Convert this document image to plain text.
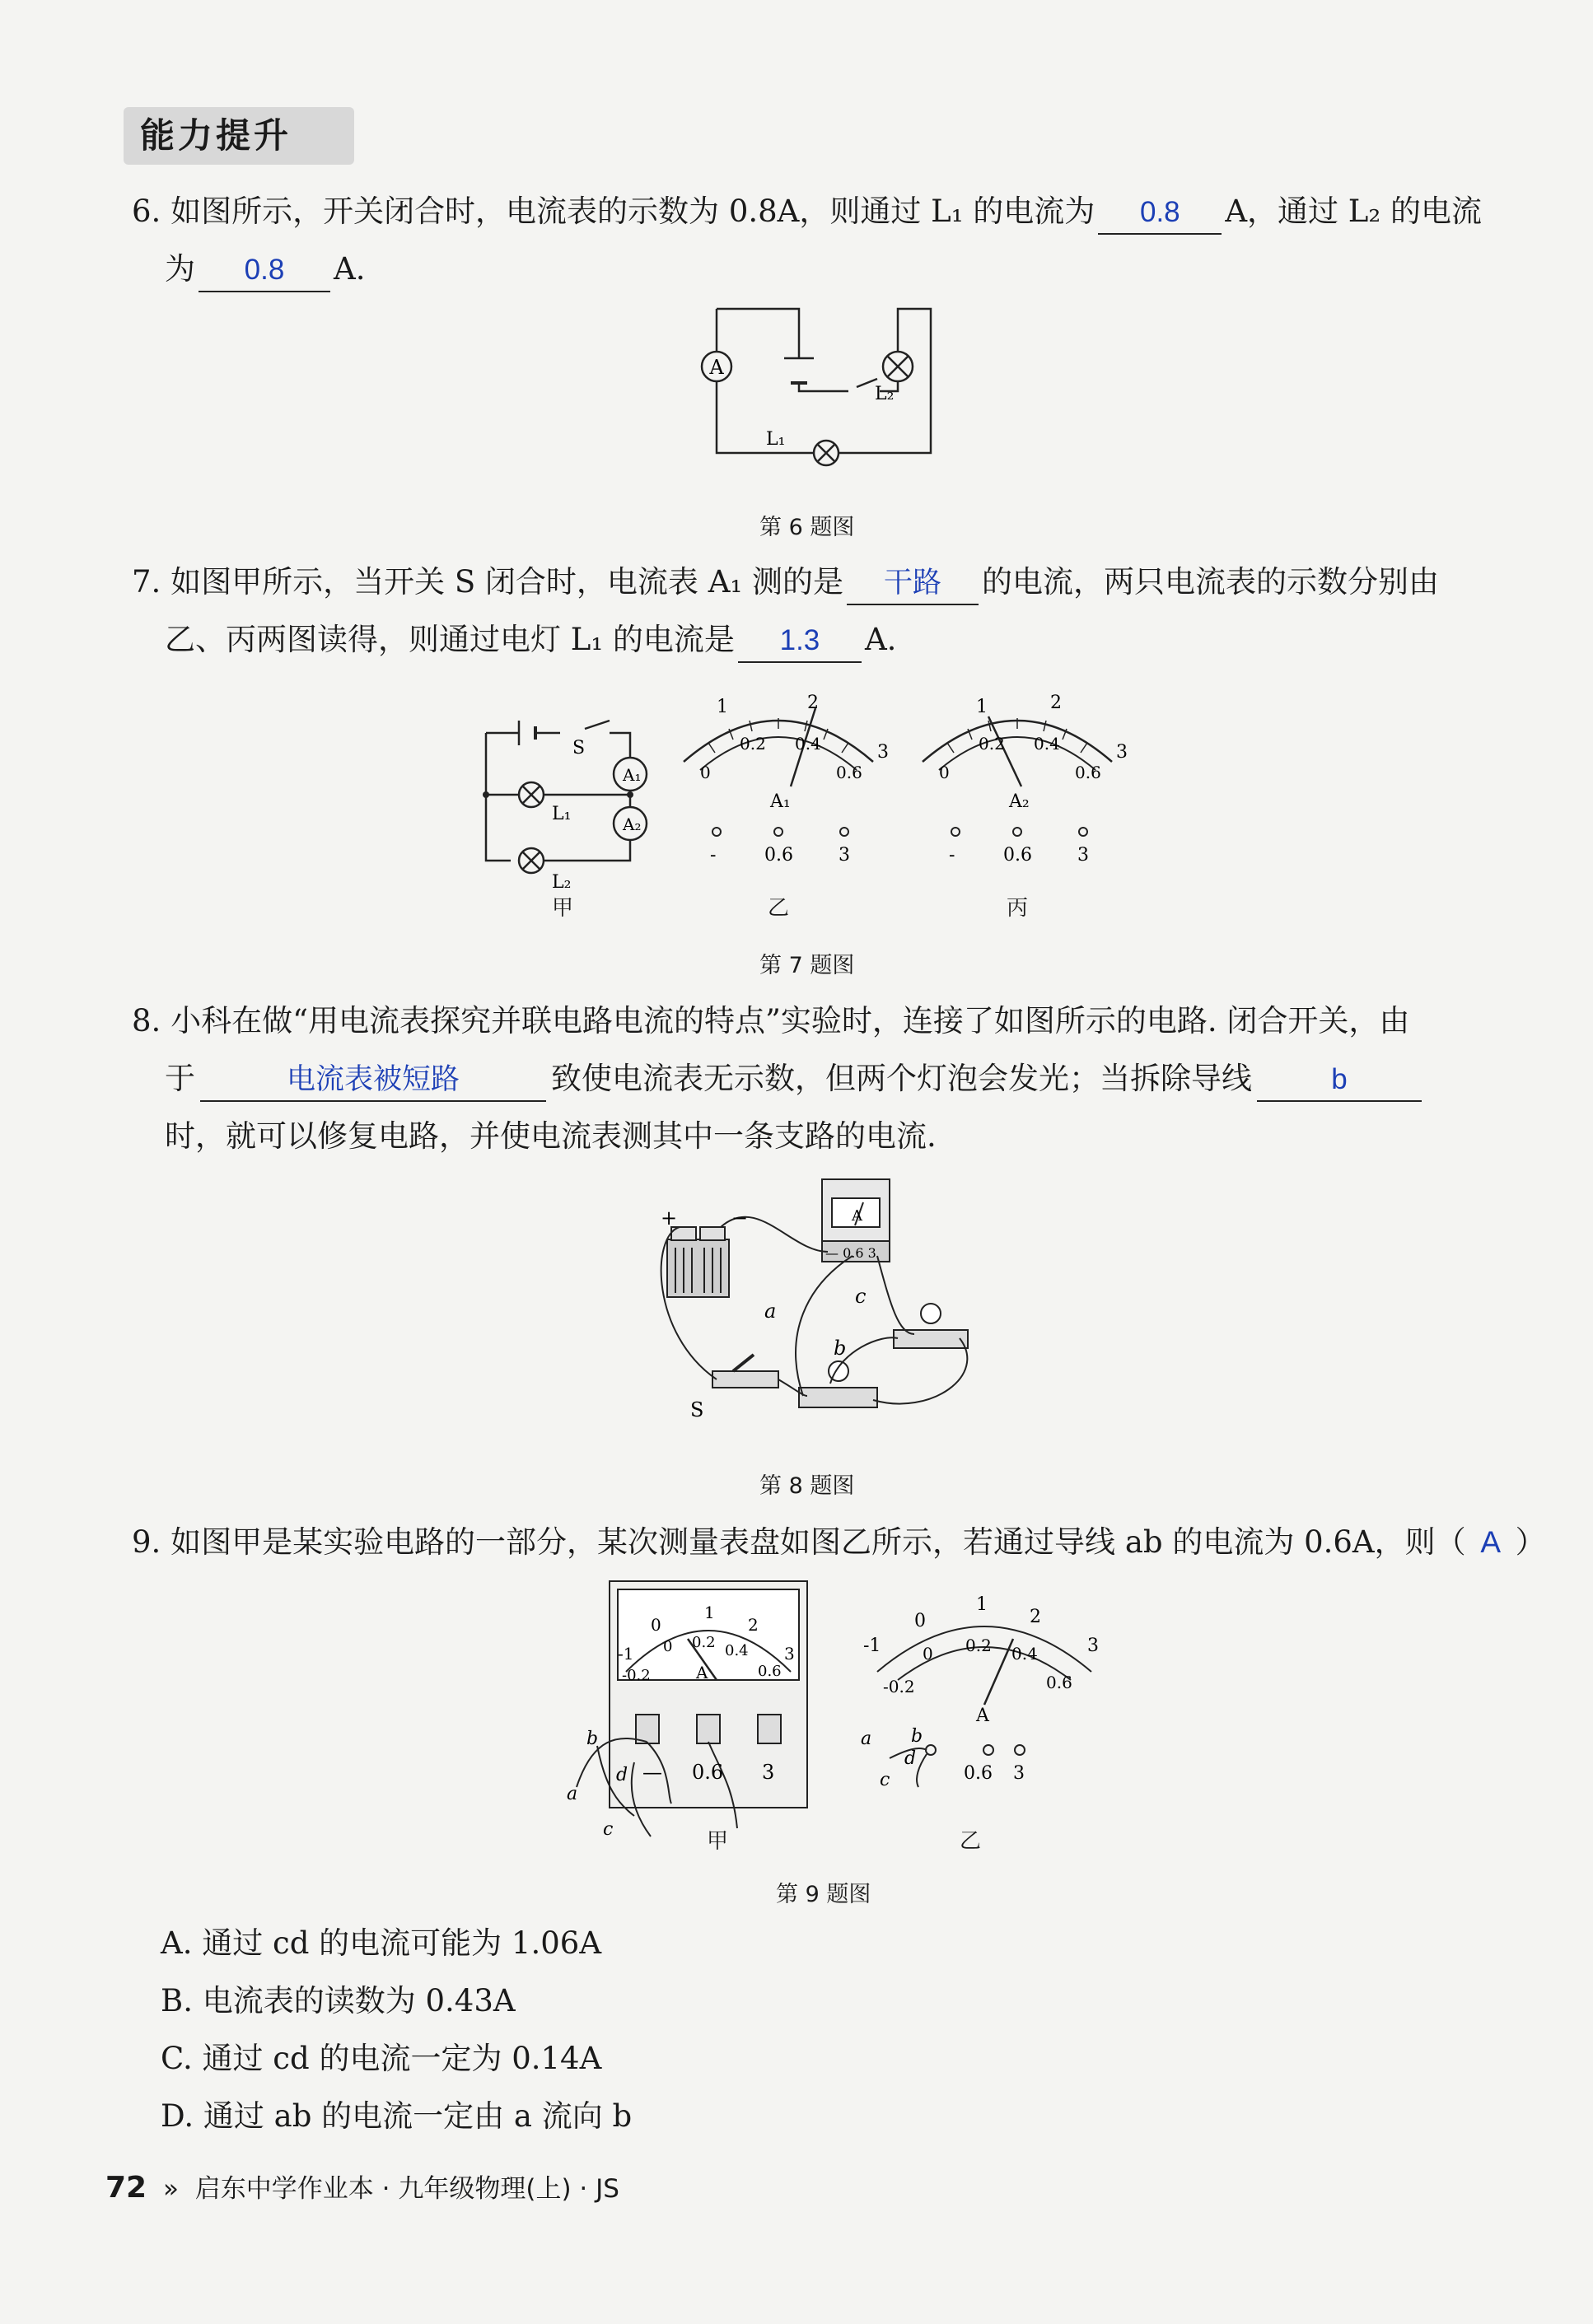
能力提升
6. 如图所示，开关闭合时，电流表的示数为 0.8A，则通过 L₁ 的电流为 0.8 A，通过 L₂ 的电流
为 0.8 A.
A
L₂
L₁
第 6 题图
7. 如图甲所示，当开关 S 闭合时，电流表 A₁ 测的是 干路 的电流，两只电流表的示数分别由
乙、丙两图读得，则通过电灯 L₁ 的电流是 1.3 A.
S
A₁
A₂
L₁
L₂
甲
1	2
3
0
0.2 0.4
0.6
A₁
-	0.6	3
乙
1	2
3
0
0.2 0.4
0.6
A₂
-	0.6	3
丙
第 7 题图
8. 小科在做“用电流表探究并联电路电流的特点”实验时，连接了如图所示的电路. 闭合开关，由
于	电流表被短路	致使电流表无示数，但两个灯泡会发光；当拆除导线	b
时，就可以修复电路，并使电流表测其中一条支路的电流.
+	−	A
— 0.6 3
a
b
c
S
第 8 题图
9. 如图甲是某实验电路的一部分，某次测量表盘如图乙所示，若通过导线 ab 的电流为 0.6A，则（ A ）
-1
0
1
2
3
-0.2
0 0.2 0.4
0.6
A
— 0.6 3
b
a
d
c	甲
-1
0
1
2
3
-0.2
0 0.2 0.4
0.6
A
0.6 3
a b
d
c
乙
第 9 题图
A. 通过 cd 的电流可能为 1.06A
B. 电流表的读数为 0.43A
C. 通过 cd 的电流一定为 0.14A
D. 通过 ab 的电流一定由 a 流向 b
72 » 启东中学作业本 · 九年级物理(上) · JS
